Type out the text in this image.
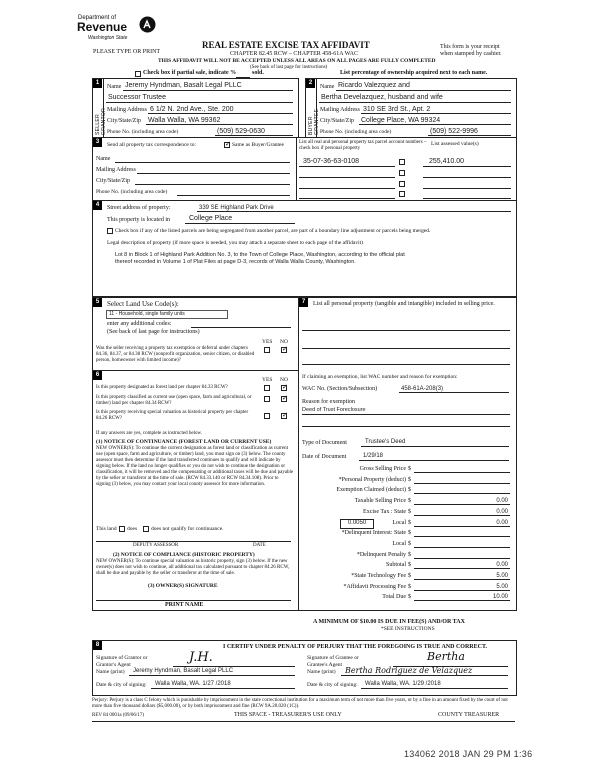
Department of
Revenue
Washington State
PLEASE TYPE OR PRINT
REAL ESTATE EXCISE TAX AFFIDAVIT
CHAPTER 82.45 RCW – CHAPTER 458-61A WAC
THIS AFFIDAVIT WILL NOT BE ACCEPTED UNLESS ALL AREAS ON ALL PAGES ARE FULLY COMPLETED
(See back of last page for instructions)
This form is your receipt when stamped by cashier.
Check box if partial sale, indicate %	sold.	List percentage of ownership acquired next to each name.
1
SELLER GRANTOR
Name Jeremy Hyndman, Basalt Legal PLLC
Successor Trustee
Mailing Address 6 1/2 N. 2nd Ave., Ste. 200
City/State/Zip Walla Walla, WA 99362
Phone No. (including area code)	(509) 529-0630
2
BUYER GRANTEE
Name Ricardo Valezquez and
Bertha Develazquez, husband and wife
Mailing Address 310 SE 3rd St., Apt. 2
City/State/Zip College Place, WA 99324
Phone No. (including area code)	(509) 522-9996
3	Send all property tax correspondence to: ✓	Same as Buyer/Grantee
Name
Mailing Address
City/State/Zip
Phone No. (including area code)
List all real and personal property tax parcel account numbers – check box if personal property
List assessed value(s)
35-07-36-63-0108	255,410.00
4	Street address of property:	339 SE Highland Park Drive
This property is located in	College Place
Check box if any of the listed parcels are being segregated from another parcel, are part of a boundary line adjustment or parcels being merged.
Legal description of property (if more space is needed, you may attach a separate sheet to each page of the affidavit)
Lot 8 in Block 1 of Highland Park Addition No. 3, to the Town of College Place, Washington, according to the official plat thereof recorded in Volume 1 of Plat Files at page D-3, records of Walla Walla County, Washington.
5	Select Land Use Code(s):
11 - Household, single family units
enter any additional codes:
(See back of last page for instructions)
YES NO
Was the seller receiving a property tax exemption or deferral under chapters 84.36, 84.37, or 84.38 RCW (nonprofit organization, senior citizen, or disabled person, homeowner with limited income)?
✓
6
YES NO
Is this property designated as forest land per chapter 84.33 RCW?
✓
Is this property classified as current use (open space, farm and agricultural, or timber) land per chapter 84.34 RCW?
✓
Is this property receiving special valuation as historical property per chapter 84.26 RCW?
✓
If any answers are yes, complete as instructed below.
(1) NOTICE OF CONTINUANCE (FOREST LAND OR CURRENT USE)
NEW OWNER(S): To continue the current designation as forest land or classification as current use (open space, farm and agriculture, or timber) land, you must sign on (3) below. The county assessor must then determine if the land transferred continues to qualify and will indicate by signing below. If the land no longer qualifies or you do not wish to continue the designation or classification, it will be removed and the compensating or additional taxes will be due and payable by the seller or transferor at the time of sale. (RCW 84.33.140 or RCW 84.34.108). Prior to signing (3) below, you may contact your local county assessor for more information.
This land does	does not qualify for continuance.
DEPUTY ASSESSOR	DATE
(2) NOTICE OF COMPLIANCE (HISTORIC PROPERTY)
NEW OWNER(S): To continue special valuation as historic property, sign (3) below. If the new owner(s) does not wish to continue, all additional tax calculated pursuant to chapter 84.26 RCW, shall be due and payable by the seller or transferor at the time of sale.
(3) OWNER(S) SIGNATURE
PRINT NAME
7	List all personal property (tangible and intangible) included in selling price.
If claiming an exemption, list WAC number and reason for exemption:
WAC No. (Section/Subsection)	458-61A-208(3)
Reason for exemption
Deed of Trust Foreclosure
Type of Document	Trustee's Deed
Date of Document	1/29/18
Gross Selling Price $
*Personal Property (deduct) $
Exemption Claimed (deduct) $
Taxable Selling Price $	0.00
Excise Tax : State $	0.00
Local
0.0050	$	0.00
*Delinquent Interest: State $
Local $
*Delinquent Penalty $
Subtotal $	0.00
*State Technology Fee $	5.00
*Affidavit Processing Fee $	5.00
Total Due $	10.00
A MINIMUM OF $10.00 IS DUE IN FEE(S) AND/OR TAX
*SEE INSTRUCTIONS
8	I CERTIFY UNDER PENALTY OF PERJURY THAT THE FOREGOING IS TRUE AND CORRECT.
Signature of Grantor or Grantor's Agent	J.H.
Name (print) Jeremy Hyndman, Basalt Legal PLLC
Date & city of signing: Walla Walla, WA. 1/27 /2018
Signature of Grantee or Grantee's Agent
Bertha
Name (print) Bertha Rodriguez de Velazquez
Date & city of signing: Walla Walla, WA. 1/29 /2018
Perjury: Perjury is a class C felony which is punishable by imprisonment in the state correctional institution for a maximum term of not more than five years, or by a fine in an amount fixed by the court of not more than five thousand dollars ($5,000.00), or by both imprisonment and fine (RCW 9A.20.020 (1C)).
REV 84 0001a (09/06/17)	THIS SPACE - TREASURER'S USE ONLY	COUNTY TREASURER
134062 2018 JAN 29 PM 1:36
